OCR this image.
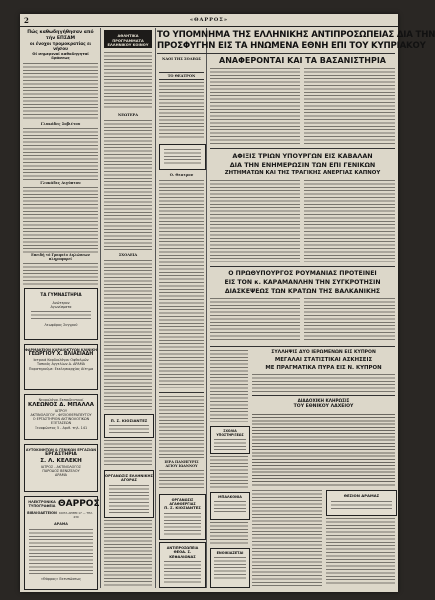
2	«ΘΑΡΡΟΣ»
Πώς καθωδηγήθησαν από τήν ΕΠΣΑΜ
οι ένοχοι τρομοκρατίας ει νήσου
Οί σημερινοί καθοδηγηταί δράσεως
Γλυκάδες Σοβιέτου
Γλυκάδες Αιγύπτου
Επειδή τό Γραφείο Δηλώσεων πληροφορεί
ΤΑ ΓΥΜΝΑΣΤΗΡΙΑ
Ανώτερον
Αγωνίσματα
Λεωφόρος Συγγρού
ΦΑΡΜΑΚΕΙΟΝ ΚΑΡΔΙΟΚΤΥΩΝ ΚΛΙΝΙΚΗ
ΓΕΩΡΓΙΟΥ Χ. ΒΛΙΑΕΙΑΔΗ
Ιατρικά Καρδιολόγου Οφθαλμών
Τοπικός Αγγελίων Δ. ΔΡΑΜΑ
Παρατηρούμε: Εκκλησιαρχίας Αίτημα
Νευρολόγοι Εκπαιδευτικοί
ΚΛΕΩΝΟΣ Δ. ΜΠΑΛΛΑ
ΙΑΤΡΟΥ
ΑΚΤΙΝΟΛΟΓΟΥ - ΦΥΣΙΟΘΕΡΑΠΕΥΤΟΥ
Ο ΕΡΓΑΣΤΗΡΙΟΝ ΑΚΤΙΝΟΛΟΓΙΚΩΝ ΕΞΕΤΑΣΕΩΝ
Ξενοφώντος 5 - Αριθ. τηλ. 141
ΑΥΤΟΚΙΝΗΤΩΝ & ΓΕΝΙΚΩΝ ΕΡΓΑΣΙΩΝ
ΕΡΓΑΣΤΗΡΙΑ
Σ. Λ. ΚΕΛΕΚΗ
ΙΑΤΡΟΣ - ΑΚΤΙΝΟΛΟΓΟΣ
ΠΑΡΟΔΟΣ ΒΕΝΙΖΕΛΟΥ
ΔΡΑΜΑ
ΗΛΕΚΤΡΟΝΙΚΑ
ΤΥΠΟΓΡΑΦΕΙΑ
ΒΙΒΛΙΟΔΕΤΕΙΟΝ
ΘΑΡΡΟΣ
ΚΟΙΤΑ ΑΡΙΘΜ 17 — ΤΗΛ. 430
ΔΡΑΜΑ
«Θάρρος» Εκτυπώσεως
ΑΘΛΗΤΙΚΑ ΠΡΟΓΡΑΜΜΑΤΑ
ΕΛΛΗΝΙΚΟΥ ΚΟΙΝΟΥ
ΝΕΩΤΕΡΑ
ΣΧΟΛΕΙΑ
Π. Σ. ΚΙΟΣΙΑΝΤΕΣ
ΟΡΓΑΝΩΣΙΣ ΕΛΛΗΝΙΚΗΣ ΑΓΟΡΑΣ
ΤΟ ΘΕΑΤΡΟΝ
Ο. Θεατρον
ΙΕΡΑ ΠΑΝΗΓΥΡΙΣ ΑΓΙΟΥ ΙΩΑΝΝΟΥ
ΟΡΓΑΝΩΣΙΣ ΑΓΑΘΟΕΡΓΙΑΣ
Π. Σ. ΚΙΟΣΙΑΝΤΕΣ
ΑΝΤΙΠΡΟΣΩΠΕΙΑ
ΘΕΟΔ. Σ. ΚΕΦΑΛΙΩΝΑΣ
ΤΟ ΥΠΟΜΝΗΜΑ ΤΗΣ ΕΛΛΗΝΙΚΗΣ ΑΝΤΙΠΡΟΣΩΠΕΙΑΣ ΔΙΑ ΤΗΝ
ΠΡΟΣΦΥΓΗΝ ΕΙΣ ΤΑ ΗΝΩΜΕΝΑ ΕΘΝΗ ΕΠΙ ΤΟΥ ΚΥΠΡΙΑΚΟΥ
ΝΑΟΙ ΤΗΣ ΣΟΛΕΩΣ	ΑΝΑΦΕΡΟΝΤΑΙ ΚΑΙ ΤΑ ΒΑΣΑΝΙΣΤΗΡΙΑ
ΑΦΙΞΙΣ ΤΡΙΩΝ ΥΠΟΥΡΓΩΝ ΕΙΣ ΚΑΒΑΛΑΝ
ΔΙΑ ΤΗΝ ΕΝΗΜΕΡΩΣΙΝ ΤΩΝ ΕΠΙ ΓΕΝΙΚΩΝ
ΖΗΤΗΜΑΤΩΝ ΚΑΙ ΤΗΣ ΤΡΑΓΙΚΗΣ ΑΝΕΡΓΙΑΣ ΚΑΠΝΟΥ
Ο ΠΡΩΘΥΠΟΥΡΓΟΣ ΡΟΥΜΑΝΙΑΣ ΠΡΟΤΕΙΝΕΙ
ΕΙΣ ΤΟΝ κ. ΚΑΡΑΜΑΝΛΗΝ ΤΗΝ ΣΥΓΚΡΟΤΗΣΙΝ
ΔΙΑΣΚΕΨΕΩΣ ΤΩΝ ΚΡΑΤΩΝ ΤΗΣ ΒΑΛΚΑΝΙΚΗΣ
ΣΥΛΛΗΨΙΣ ΔΥΟ ΙΕΡΩΜΕΝΩΝ ΕΙΣ ΚΥΠΡΟΝ
ΜΕΓΑΛΑΙ ΣΤΑΤΙΣΤΙΚΑΙ ΑΣΚΗΣΕΙΣ
ΜΕ ΠΡΑΓΜΑΤΙΚΑ ΠΥΡΑ ΕΙΣ Ν. ΚΥΠΡΟΝ
ΔΙΑΔΟΧΙΚΗ ΚΛΗΡΩΣΙΣ
ΤΟΥ ΕΘΝΙΚΟΥ ΛΑΧΕΙΟΥ
ΣΧΟΛΙΑ ΥΠΟΣΤΗΡΙΞΕΩΣ
ΜΠΑΛΚΟΝΙΑ
ΕΝΟΙΚΙΑΖΕΤΑΙ
ΘΕΣΙΟΝ ΔΡΑΜΑΣ
